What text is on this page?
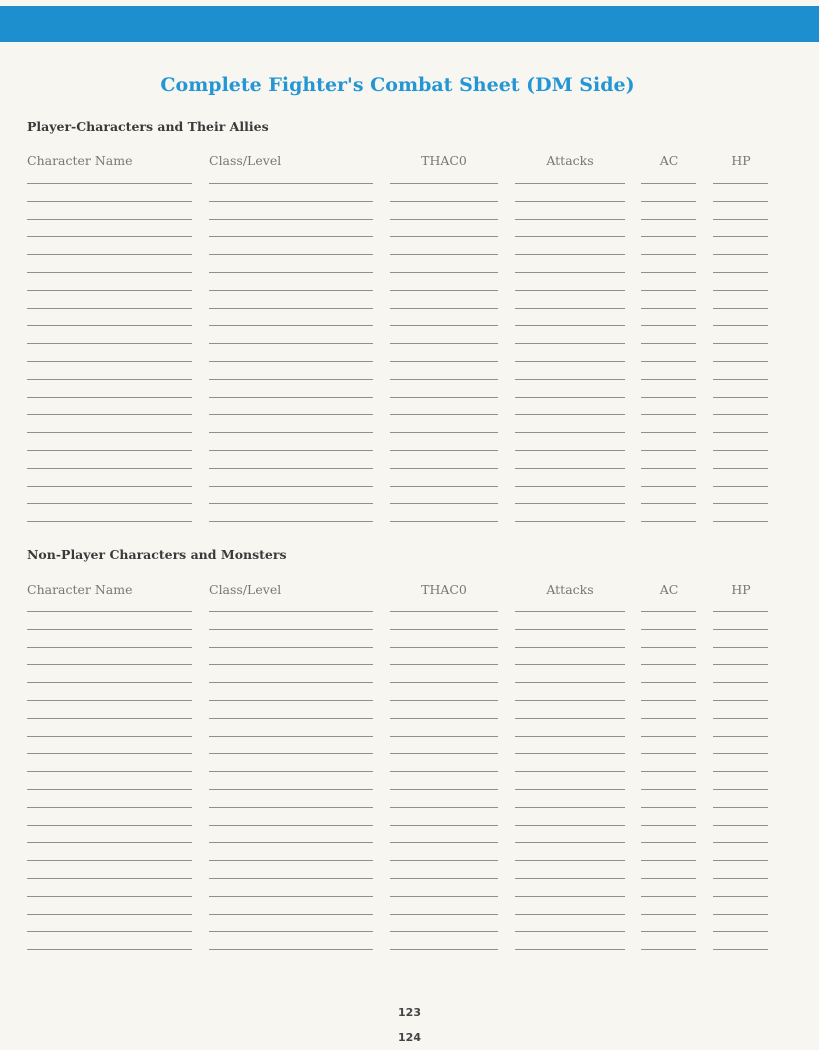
Complete Fighter's Combat Sheet (DM Side)
Player-Characters and Their Allies
Character Name	Class/Level	THAC0	Attacks	AC	HP
Non-Player Characters and Monsters
Character Name	Class/Level	THAC0	Attacks	AC	HP
123
124
